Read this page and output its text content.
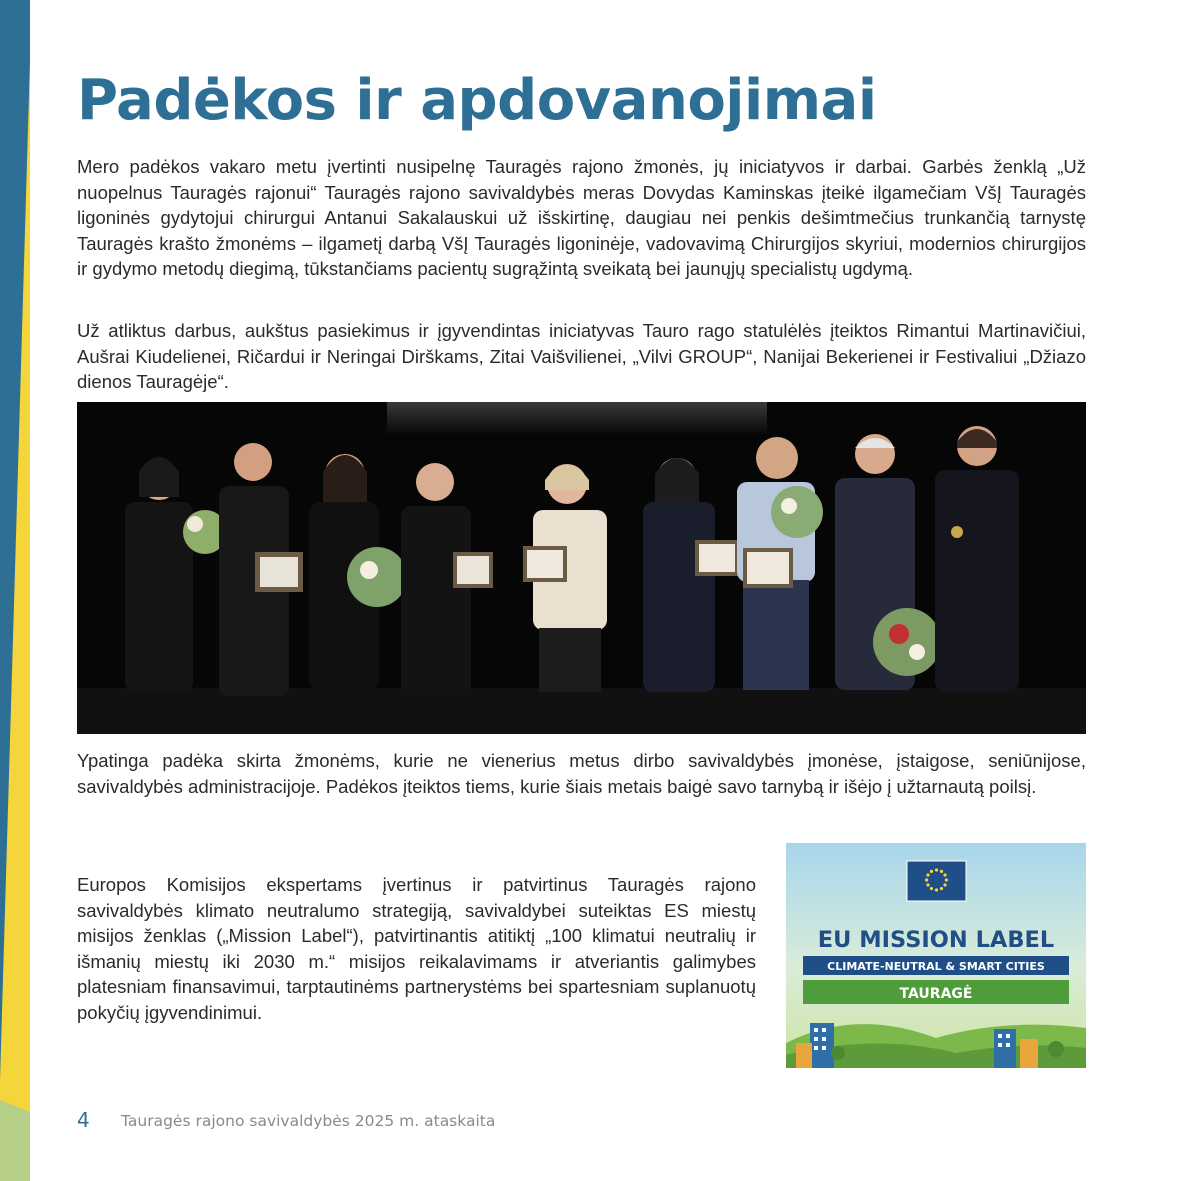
Padėkos ir apdovanojimai

Mero padėkos vakaro metu įvertinti nusipelnę Tauragės rajono žmonės, jų iniciatyvos ir darbai. Garbės ženklą „Už nuopelnus Tauragės rajonui“ Tauragės rajono savivaldybės meras Dovydas Kaminskas įteikė ilgamečiam VšĮ Tauragės ligoninės gydytojui chirurgui Antanui Sakalauskui už išskirtinę, daugiau nei penkis dešimtmečius trunkančią tarnystę Tauragės krašto žmonėms – ilgametį darbą VšĮ Tauragės ligoninėje, vadovavimą Chirurgijos skyriui, modernios chirurgijos ir gydymo metodų diegimą, tūkstančiams pacientų sugrąžintą sveikatą bei jaunųjų specialistų ugdymą.

Už atliktus darbus, aukštus pasiekimus ir įgyvendintas iniciatyvas Tauro rago statulėlės įteiktos Rimantui Martinavičiui, Aušrai Kiudelienei, Ričardui ir Neringai Dirškams, Zitai Vaišvilienei, „Vilvi GROUP“, Nanijai Bekerienei ir Festivaliui „Džiazo dienos Tauragėje“.

Ypatinga padėka skirta žmonėms, kurie ne vienerius metus dirbo savivaldybės įmonėse, įstaigose, seniūnijose, savivaldybės administracijoje. Padėkos įteiktos tiems, kurie šiais metais baigė savo tarnybą ir išėjo į užtarnautą poilsį.

Europos Komisijos ekspertams įvertinus ir patvirtinus Tauragės rajono savivaldybės klimato neutralumo strategiją, savivaldybei suteiktas ES miestų misijos ženklas („Mission Label“), patvirtinantis atitiktį „100 klimatui neutralių ir išmanių miestų iki 2030 m.“ misijos reikalavimams ir atveriantis galimybes platesniam finansavimui, tarptautinėms partnerystėms bei spartesniam suplanuotų pokyčių įgyvendinimui.

EU MISSION LABEL
CLIMATE-NEUTRAL & SMART CITIES
TAURAGĖ
4 Tauragės rajono savivaldybės 2025 m. ataskaita
